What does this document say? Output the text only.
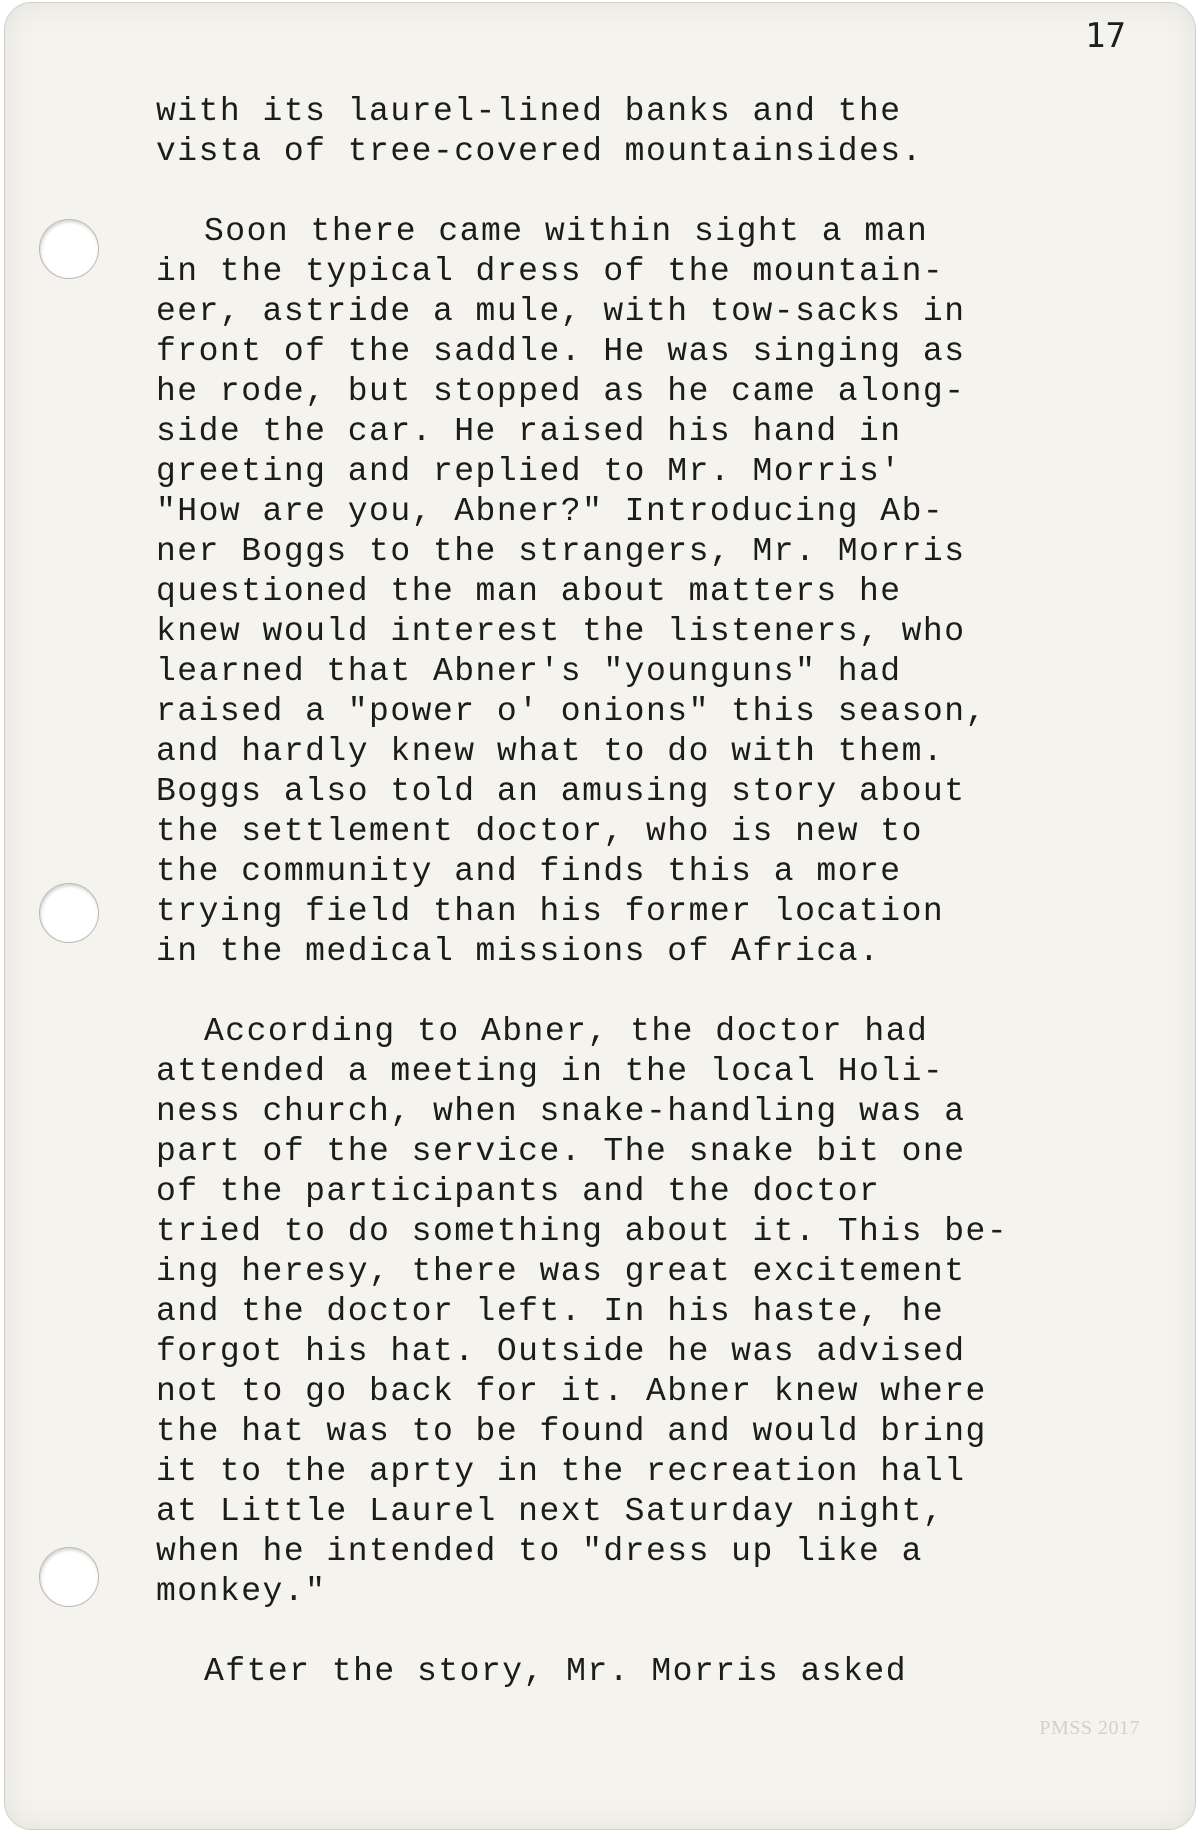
17
with its laurel-lined banks and the
vista of tree-covered mountainsides.
Soon there came within sight a man
in the typical dress of the mountain-
eer, astride a mule, with tow-sacks in
front of the saddle. He was singing as
he rode, but stopped as he came along-
side the car. He raised his hand in
greeting and replied to Mr. Morris'
"How are you, Abner?" Introducing Ab-
ner Boggs to the strangers, Mr. Morris
questioned the man about matters he
knew would interest the listeners, who
learned that Abner's "younguns" had
raised a "power o' onions" this season,
and hardly knew what to do with them.
Boggs also told an amusing story about
the settlement doctor, who is new to
the community and finds this a more
trying field than his former location
in the medical missions of Africa.
According to Abner, the doctor had
attended a meeting in the local Holi-
ness church, when snake-handling was a
part of the service. The snake bit one
of the participants and the doctor
tried to do something about it. This be-
ing heresy, there was great excitement
and the doctor left. In his haste, he
forgot his hat. Outside he was advised
not to go back for it. Abner knew where
the hat was to be found and would bring
it to the aprty in the recreation hall
at Little Laurel next Saturday night,
when he intended to "dress up like a
monkey."
After the story, Mr. Morris asked
PMSS 2017
